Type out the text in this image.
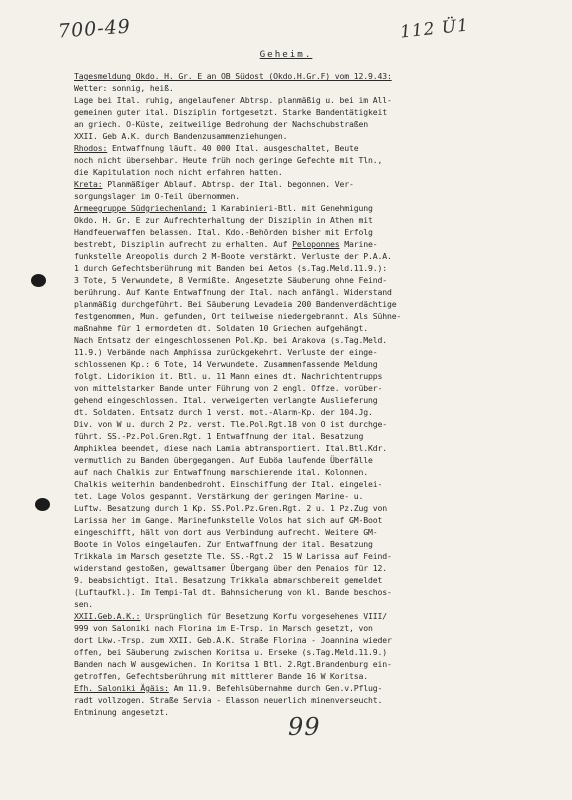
700-49	112 Ü1
Geheim.
Tagesmeldung Okdo. H. Gr. E an OB Südost (Okdo.H.Gr.F) vom 12.9.43:
Wetter: sonnig, heiß.
Lage bei Ital. ruhig, angelaufener Abtrsp. planmäßig u. bei im All-
gemeinen guter ital. Disziplin fortgesetzt. Starke Bandentätigkeit
an griech. O-Küste, zeitweilige Bedrohung der Nachschubstraßen
XXII. Geb A.K. durch Bandenzusammenziehungen.
Rhodos: Entwaffnung läuft. 40 000 Ital. ausgeschaltet, Beute
noch nicht übersehbar. Heute früh noch geringe Gefechte mit Tln.,
die Kapitulation noch nicht erfahren hatten.
Kreta: Planmäßiger Ablauf. Abtrsp. der Ital. begonnen. Ver-
sorgungslager im O-Teil übernommen.
Armeegruppe Südgriechenland: 1 Karabinieri-Btl. mit Genehmigung
Okdo. H. Gr. E zur Aufrechterhaltung der Disziplin in Athen mit
Handfeuerwaffen belassen. Ital. Kdo.-Behörden bisher mit Erfolg
bestrebt, Disziplin aufrecht zu erhalten. Auf Peloponnes Marine-
funkstelle Areopolis durch 2 M-Boote verstärkt. Verluste der P.A.A.
1 durch Gefechtsberührung mit Banden bei Aetos (s.Tag.Meld.11.9.):
3 Tote, 5 Verwundete, 8 Vermißte. Angesetzte Säuberung ohne Feind-
berührung. Auf Kante Entwaffnung der Ital. nach anfängl. Widerstand
planmäßig durchgeführt. Bei Säuberung Levadeia 200 Bandenverdächtige
festgenommen, Mun. gefunden, Ort teilweise niedergebrannt. Als Sühne-
maßnahme für 1 ermordeten dt. Soldaten 10 Griechen aufgehängt.
Nach Entsatz der eingeschlossenen Pol.Kp. bei Arakova (s.Tag.Meld.
11.9.) Verbände nach Amphissa zurückgekehrt. Verluste der einge-
schlossenen Kp.: 6 Tote, 14 Verwundete. Zusammenfassende Meldung
folgt. Lidorikion it. Btl. u. 11 Mann eines dt. Nachrichtentrupps
von mittelstarker Bande unter Führung von 2 engl. Offze. vorüber-
gehend eingeschlossen. Ital. verweigerten verlangte Auslieferung
dt. Soldaten. Entsatz durch 1 verst. mot.-Alarm-Kp. der 104.Jg.
Div. von W u. durch 2 Pz. verst. Tle.Pol.Rgt.18 von O ist durchge-
führt. SS.-Pz.Pol.Gren.Rgt. 1 Entwaffnung der ital. Besatzung
Amphiklea beendet, diese nach Lamia abtransportiert. Ital.Btl.Kdr.
vermutlich zu Banden übergegangen. Auf Euböa laufende Überfälle
auf nach Chalkis zur Entwaffnung marschierende ital. Kolonnen.
Chalkis weiterhin bandenbedroht. Einschiffung der Ital. eingelei-
tet. Lage Volos gespannt. Verstärkung der geringen Marine- u.
Luftw. Besatzung durch 1 Kp. SS.Pol.Pz.Gren.Rgt. 2 u. 1 Pz.Zug von
Larissa her im Gange. Marinefunkstelle Volos hat sich auf GM-Boot
eingeschifft, hält von dort aus Verbindung aufrecht. Weitere GM-
Boote in Volos eingelaufen. Zur Entwaffnung der ital. Besatzung
Trikkala im Marsch gesetzte Tle. SS.-Rgt.2  15 W Larissa auf Feind-
widerstand gestoßen, gewaltsamer Übergang über den Penaios für 12.
9. beabsichtigt. Ital. Besatzung Trikkala abmarschbereit gemeldet
(Luftaufkl.). Im Tempi-Tal dt. Bahnsicherung von kl. Bande beschos-
sen.
XXII.Geb.A.K.: Ursprünglich für Besetzung Korfu vorgesehenes VIII/
999 von Saloniki nach Florina im E-Trsp. in Marsch gesetzt, von
dort Lkw.-Trsp. zum XXII. Geb.A.K. Straße Florina - Joannina wieder
offen, bei Säuberung zwischen Koritsa u. Erseke (s.Tag.Meld.11.9.)
Banden nach W ausgewichen. In Koritsa 1 Btl. 2.Rgt.Brandenburg ein-
getroffen, Gefechtsberührung mit mittlerer Bande 16 W Koritsa.
Efh. Saloniki Ägäis: Am 11.9. Befehlsübernahme durch Gen.v.Pflug-
radt vollzogen. Straße Servia - Elasson neuerlich minenverseucht.
Entminung angesetzt.
99
